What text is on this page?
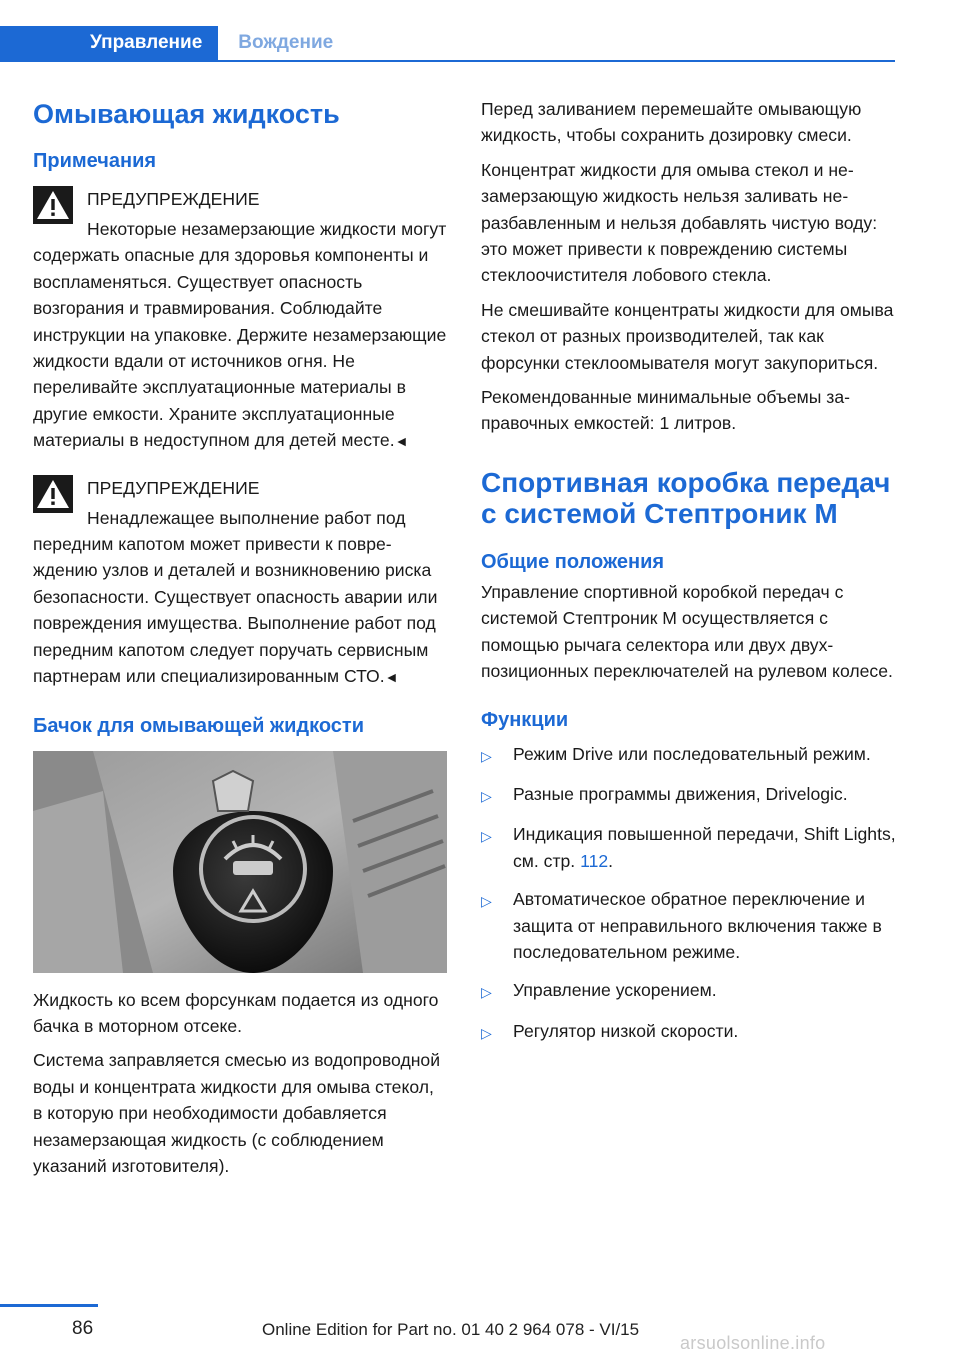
Управление	Вождение
Омывающая жидкость
Примечания
ПРЕДУПРЕЖДЕНИЕ
Некоторые незамерзающие жидкости могут содержать опасные для здоровья компоненты и воспламеняться. Существует опасность возгорания и травмирования. Соблюдайте инструкции на упаковке. Держите незамерзающие жидкости вдали от источников огня. Не переливайте эксплуатационные материалы в другие емкости. Храните эксплуатационные материалы в недоступном для детей месте.◄
ПРЕДУПРЕЖДЕНИЕ
Ненадлежащее выполнение работ под передним капотом может привести к повреждению узлов и деталей и возникновению риска безопасности. Существует опасность аварии или повреждения имущества. Выполнение работ под передним капотом следует поручать сервисным партнерам или специализированным СТО.◄
Бачок для омывающей жидкости
Жидкость ко всем форсункам подается из одного бачка в моторном отсеке.
Система заправляется смесью из водопроводной воды и концентрата жидкости для омыва стекол, в которую при необходимости добавляется незамерзающая жидкость (с соблюдением указаний изготовителя).
Перед заливанием перемешайте омывающую жидкость, чтобы сохранить дозировку смеси.
Концентрат жидкости для омыва стекол и незамерзающую жидкость нельзя заливать неразбавленным и нельзя добавлять чистую воду: это может привести к повреждению системы стеклоочистителя лобового стекла.
Не смешивайте концентраты жидкости для омыва стекол от разных производителей, так как форсунки стеклоомывателя могут закупориться.
Рекомендованные минимальные объемы заправочных емкостей: 1 литров.
Спортивная коробка передач с системой Стептроник M
Общие положения
Управление спортивной коробкой передач с системой Стептроник M осуществляется с помощью рычага селектора или двух двухпозиционных переключателей на рулевом колесе.
Функции
▷	Режим Drive или последовательный режим.
▷	Разные программы движения, Drivelogic.
▷	Индикация повышенной передачи, Shift Lights, см. стр. 112.
▷	Автоматическое обратное переключение и защита от неправильного включения также в последовательном режиме.
▷	Управление ускорением.
▷	Регулятор низкой скорости.
86	Online Edition for Part no. 01 40 2 964 078 - VI/15
arsuolsonline.info
